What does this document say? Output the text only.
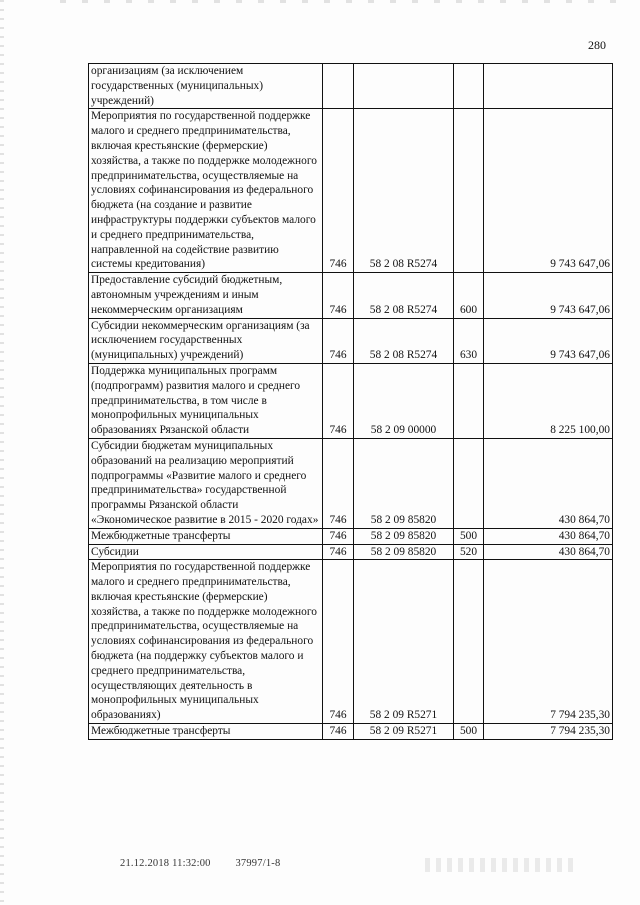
280
организациям (за исключением государственных (муниципальных) учреждений)				
Мероприятия по государственной поддержке малого и среднего предпринимательства, включая крестьянские (фермерские) хозяйства, а также по поддержке молодежного предпринимательства, осуществляемые на условиях софинансирования из федерального бюджета (на создание и развитие инфраструктуры поддержки субъектов малого и среднего предпринимательства, направленной на содействие развитию системы кредитования)	746	58 2 08 R5274		9 743 647,06
Предоставление субсидий бюджетным, автономным учреждениям и иным некоммерческим организациям	746	58 2 08 R5274	600	9 743 647,06
Субсидии некоммерческим организациям (за исключением государственных (муниципальных) учреждений)	746	58 2 08 R5274	630	9 743 647,06
Поддержка муниципальных программ (подпрограмм) развития малого и среднего предпринимательства, в том числе в монопрофильных муниципальных образованиях Рязанской области	746	58 2 09 00000		8 225 100,00
Субсидии бюджетам муниципальных образований на реализацию мероприятий подпрограммы «Развитие малого и среднего предпринимательства» государственной программы Рязанской области «Экономическое развитие в 2015 - 2020 годах»	746	58 2 09 85820		430 864,70
Межбюджетные трансферты	746	58 2 09 85820	500	430 864,70
Субсидии	746	58 2 09 85820	520	430 864,70
Мероприятия по государственной поддержке малого и среднего предпринимательства, включая крестьянские (фермерские) хозяйства, а также по поддержке молодежного предпринимательства, осуществляемые на условиях софинансирования из федерального бюджета (на поддержку субъектов малого и среднего предпринимательства, осуществляющих деятельность в монопрофильных муниципальных образованиях)	746	58 2 09 R5271		7 794 235,30
Межбюджетные трансферты	746	58 2 09 R5271	500	7 794 235,30
21.12.2018 11:32:00 37997/1-8
